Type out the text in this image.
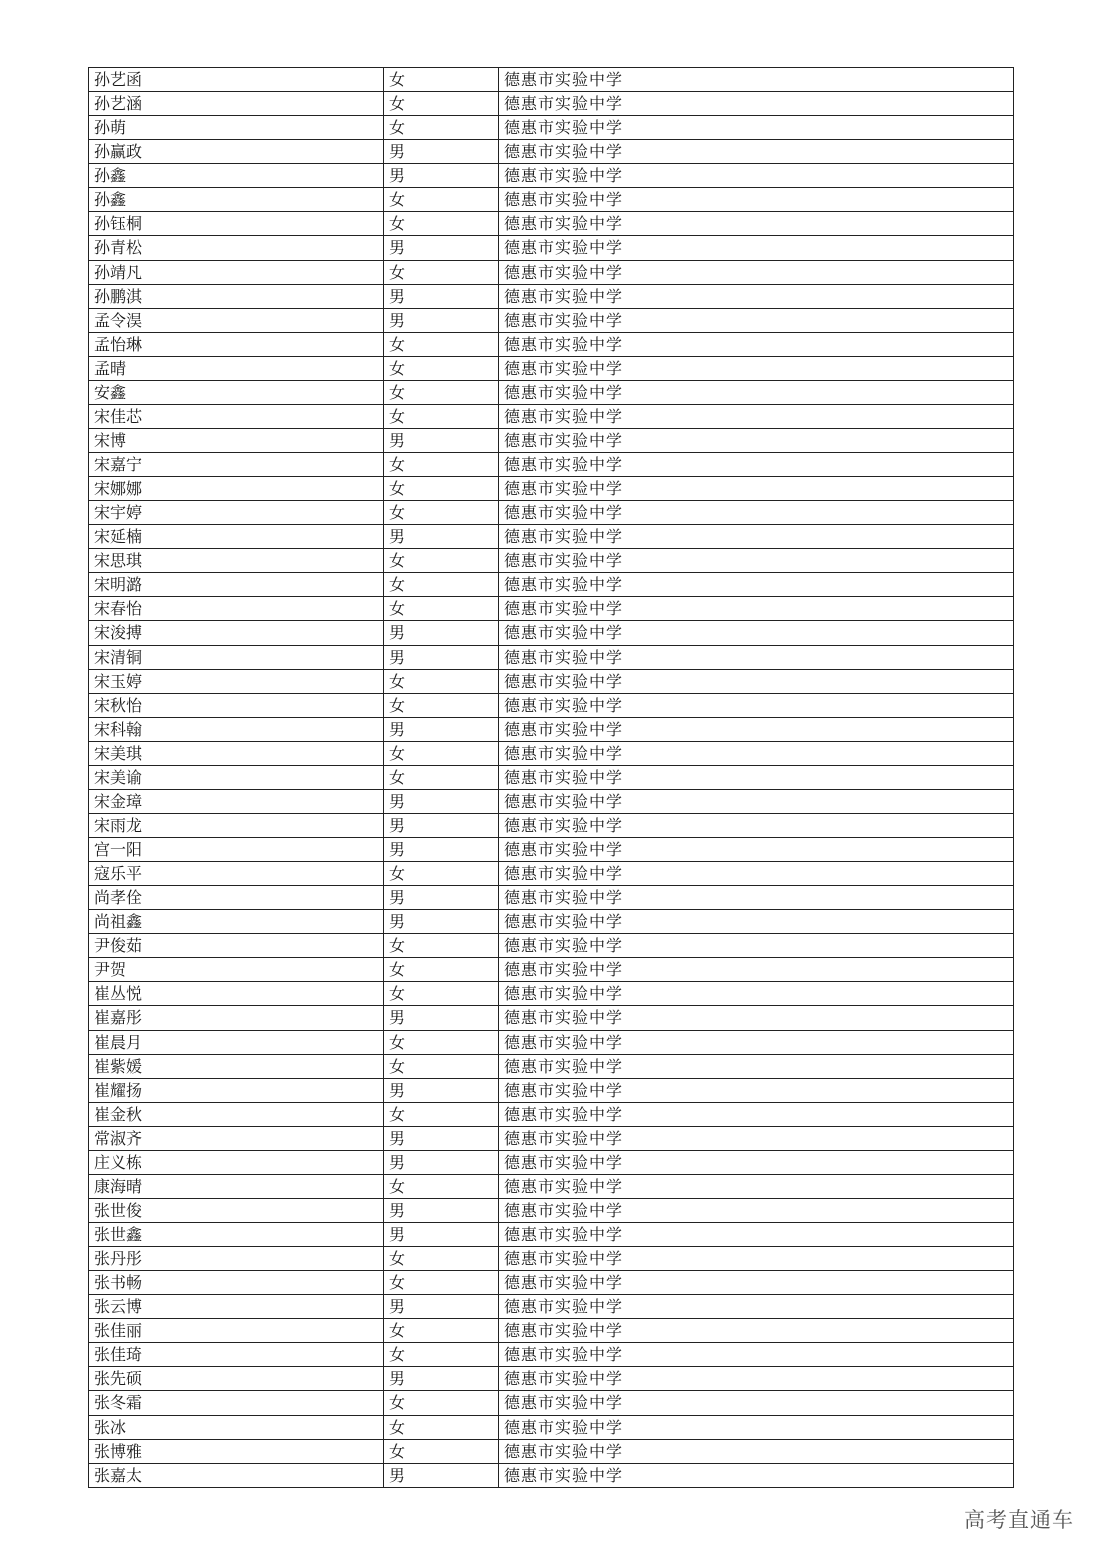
孙艺函	女	德惠市实验中学
孙艺涵	女	德惠市实验中学
孙萌	女	德惠市实验中学
孙赢政	男	德惠市实验中学
孙鑫	男	德惠市实验中学
孙鑫	女	德惠市实验中学
孙钰桐	女	德惠市实验中学
孙青松	男	德惠市实验中学
孙靖凡	女	德惠市实验中学
孙鹏淇	男	德惠市实验中学
孟令淏	男	德惠市实验中学
孟怡琳	女	德惠市实验中学
孟晴	女	德惠市实验中学
安鑫	女	德惠市实验中学
宋佳芯	女	德惠市实验中学
宋博	男	德惠市实验中学
宋嘉宁	女	德惠市实验中学
宋娜娜	女	德惠市实验中学
宋宇婷	女	德惠市实验中学
宋延楠	男	德惠市实验中学
宋思琪	女	德惠市实验中学
宋明潞	女	德惠市实验中学
宋春怡	女	德惠市实验中学
宋浚搏	男	德惠市实验中学
宋清铜	男	德惠市实验中学
宋玉婷	女	德惠市实验中学
宋秋怡	女	德惠市实验中学
宋科翰	男	德惠市实验中学
宋美琪	女	德惠市实验中学
宋美谕	女	德惠市实验中学
宋金璋	男	德惠市实验中学
宋雨龙	男	德惠市实验中学
宫一阳	男	德惠市实验中学
寇乐平	女	德惠市实验中学
尚孝佺	男	德惠市实验中学
尚祖鑫	男	德惠市实验中学
尹俊茹	女	德惠市实验中学
尹贺	女	德惠市实验中学
崔丛悦	女	德惠市实验中学
崔嘉彤	男	德惠市实验中学
崔晨月	女	德惠市实验中学
崔紫媛	女	德惠市实验中学
崔耀扬	男	德惠市实验中学
崔金秋	女	德惠市实验中学
常淑齐	男	德惠市实验中学
庄义栋	男	德惠市实验中学
康海晴	女	德惠市实验中学
张世俊	男	德惠市实验中学
张世鑫	男	德惠市实验中学
张丹彤	女	德惠市实验中学
张书畅	女	德惠市实验中学
张云博	男	德惠市实验中学
张佳丽	女	德惠市实验中学
张佳琦	女	德惠市实验中学
张先硕	男	德惠市实验中学
张冬霜	女	德惠市实验中学
张冰	女	德惠市实验中学
张博雅	女	德惠市实验中学
张嘉太	男	德惠市实验中学
高考直通车
